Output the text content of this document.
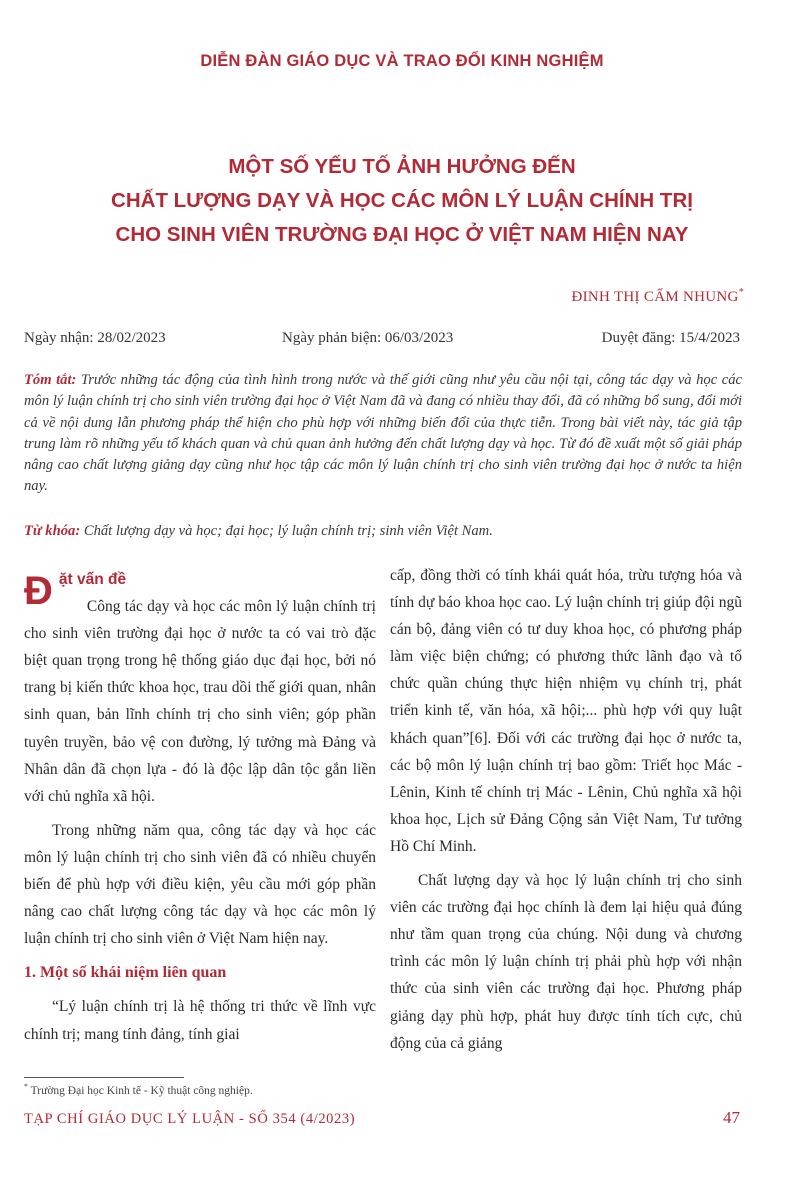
DIỄN ĐÀN GIÁO DỤC VÀ TRAO ĐỔI KINH NGHIỆM
MỘT SỐ YẾU TỐ ẢNH HƯỞNG ĐẾN
CHẤT LƯỢNG DẠY VÀ HỌC CÁC MÔN LÝ LUẬN CHÍNH TRỊ
CHO SINH VIÊN TRƯỜNG ĐẠI HỌC Ở VIỆT NAM HIỆN NAY
ĐINH THỊ CẨM NHUNG*
Ngày nhận: 28/02/2023	Ngày phản biện: 06/03/2023	Duyệt đăng: 15/4/2023
Tóm tắt: Trước những tác động của tình hình trong nước và thế giới cũng như yêu cầu nội tại, công tác dạy và học các môn lý luận chính trị cho sinh viên trường đại học ở Việt Nam đã và đang có nhiều thay đổi, đã có những bổ sung, đổi mới cả về nội dung lẫn phương pháp thể hiện cho phù hợp với những biến đổi của thực tiễn. Trong bài viết này, tác giả tập trung làm rõ những yếu tố khách quan và chủ quan ảnh hưởng đến chất lượng dạy và học. Từ đó đề xuất một số giải pháp nâng cao chất lượng giảng dạy cũng như học tập các môn lý luận chính trị cho sinh viên trường đại học ở nước ta hiện nay.
Từ khóa: Chất lượng dạy và học; đại học; lý luận chính trị; sinh viên Việt Nam.

Đặt vấn đề
Công tác dạy và học các môn lý luận chính trị cho sinh viên trường đại học ở nước ta có vai trò đặc biệt quan trọng trong hệ thống giáo dục đại học, bởi nó trang bị kiến thức khoa học, trau dồi thế giới quan, nhân sinh quan, bản lĩnh chính trị cho sinh viên; góp phần tuyên truyền, bảo vệ con đường, lý tưởng mà Đảng và Nhân dân đã chọn lựa - đó là độc lập dân tộc gắn liền với chủ nghĩa xã hội.

Trong những năm qua, công tác dạy và học các môn lý luận chính trị cho sinh viên đã có nhiều chuyển biến để phù hợp với điều kiện, yêu cầu mới góp phần nâng cao chất lượng công tác dạy và học các môn lý luận chính trị cho sinh viên ở Việt Nam hiện nay.

1. Một số khái niệm liên quan

“Lý luận chính trị là hệ thống tri thức về lĩnh vực chính trị; mang tính đảng, tính giai

cấp, đồng thời có tính khái quát hóa, trừu tượng hóa và tính dự báo khoa học cao. Lý luận chính trị giúp đội ngũ cán bộ, đảng viên có tư duy khoa học, có phương pháp làm việc biện chứng; có phương thức lãnh đạo và tổ chức quần chúng thực hiện nhiệm vụ chính trị, phát triển kinh tế, văn hóa, xã hội;... phù hợp với quy luật khách quan”[6]. Đối với các trường đại học ở nước ta, các bộ môn lý luận chính trị bao gồm: Triết học Mác - Lênin, Kinh tế chính trị Mác - Lênin, Chủ nghĩa xã hội khoa học, Lịch sử Đảng Cộng sản Việt Nam, Tư tưởng Hồ Chí Minh.

Chất lượng dạy và học lý luận chính trị cho sinh viên các trường đại học chính là đem lại hiệu quả đúng như tầm quan trọng của chúng. Nội dung và chương trình các môn lý luận chính trị phải phù hợp với nhận thức của sinh viên các trường đại học. Phương pháp giảng dạy phù hợp, phát huy được tính tích cực, chủ động của cả giảng

* Trường Đại học Kinh tế - Kỹ thuật công nghiệp.
TẠP CHÍ GIÁO DỤC LÝ LUẬN - SỐ 354 (4/2023)	47
